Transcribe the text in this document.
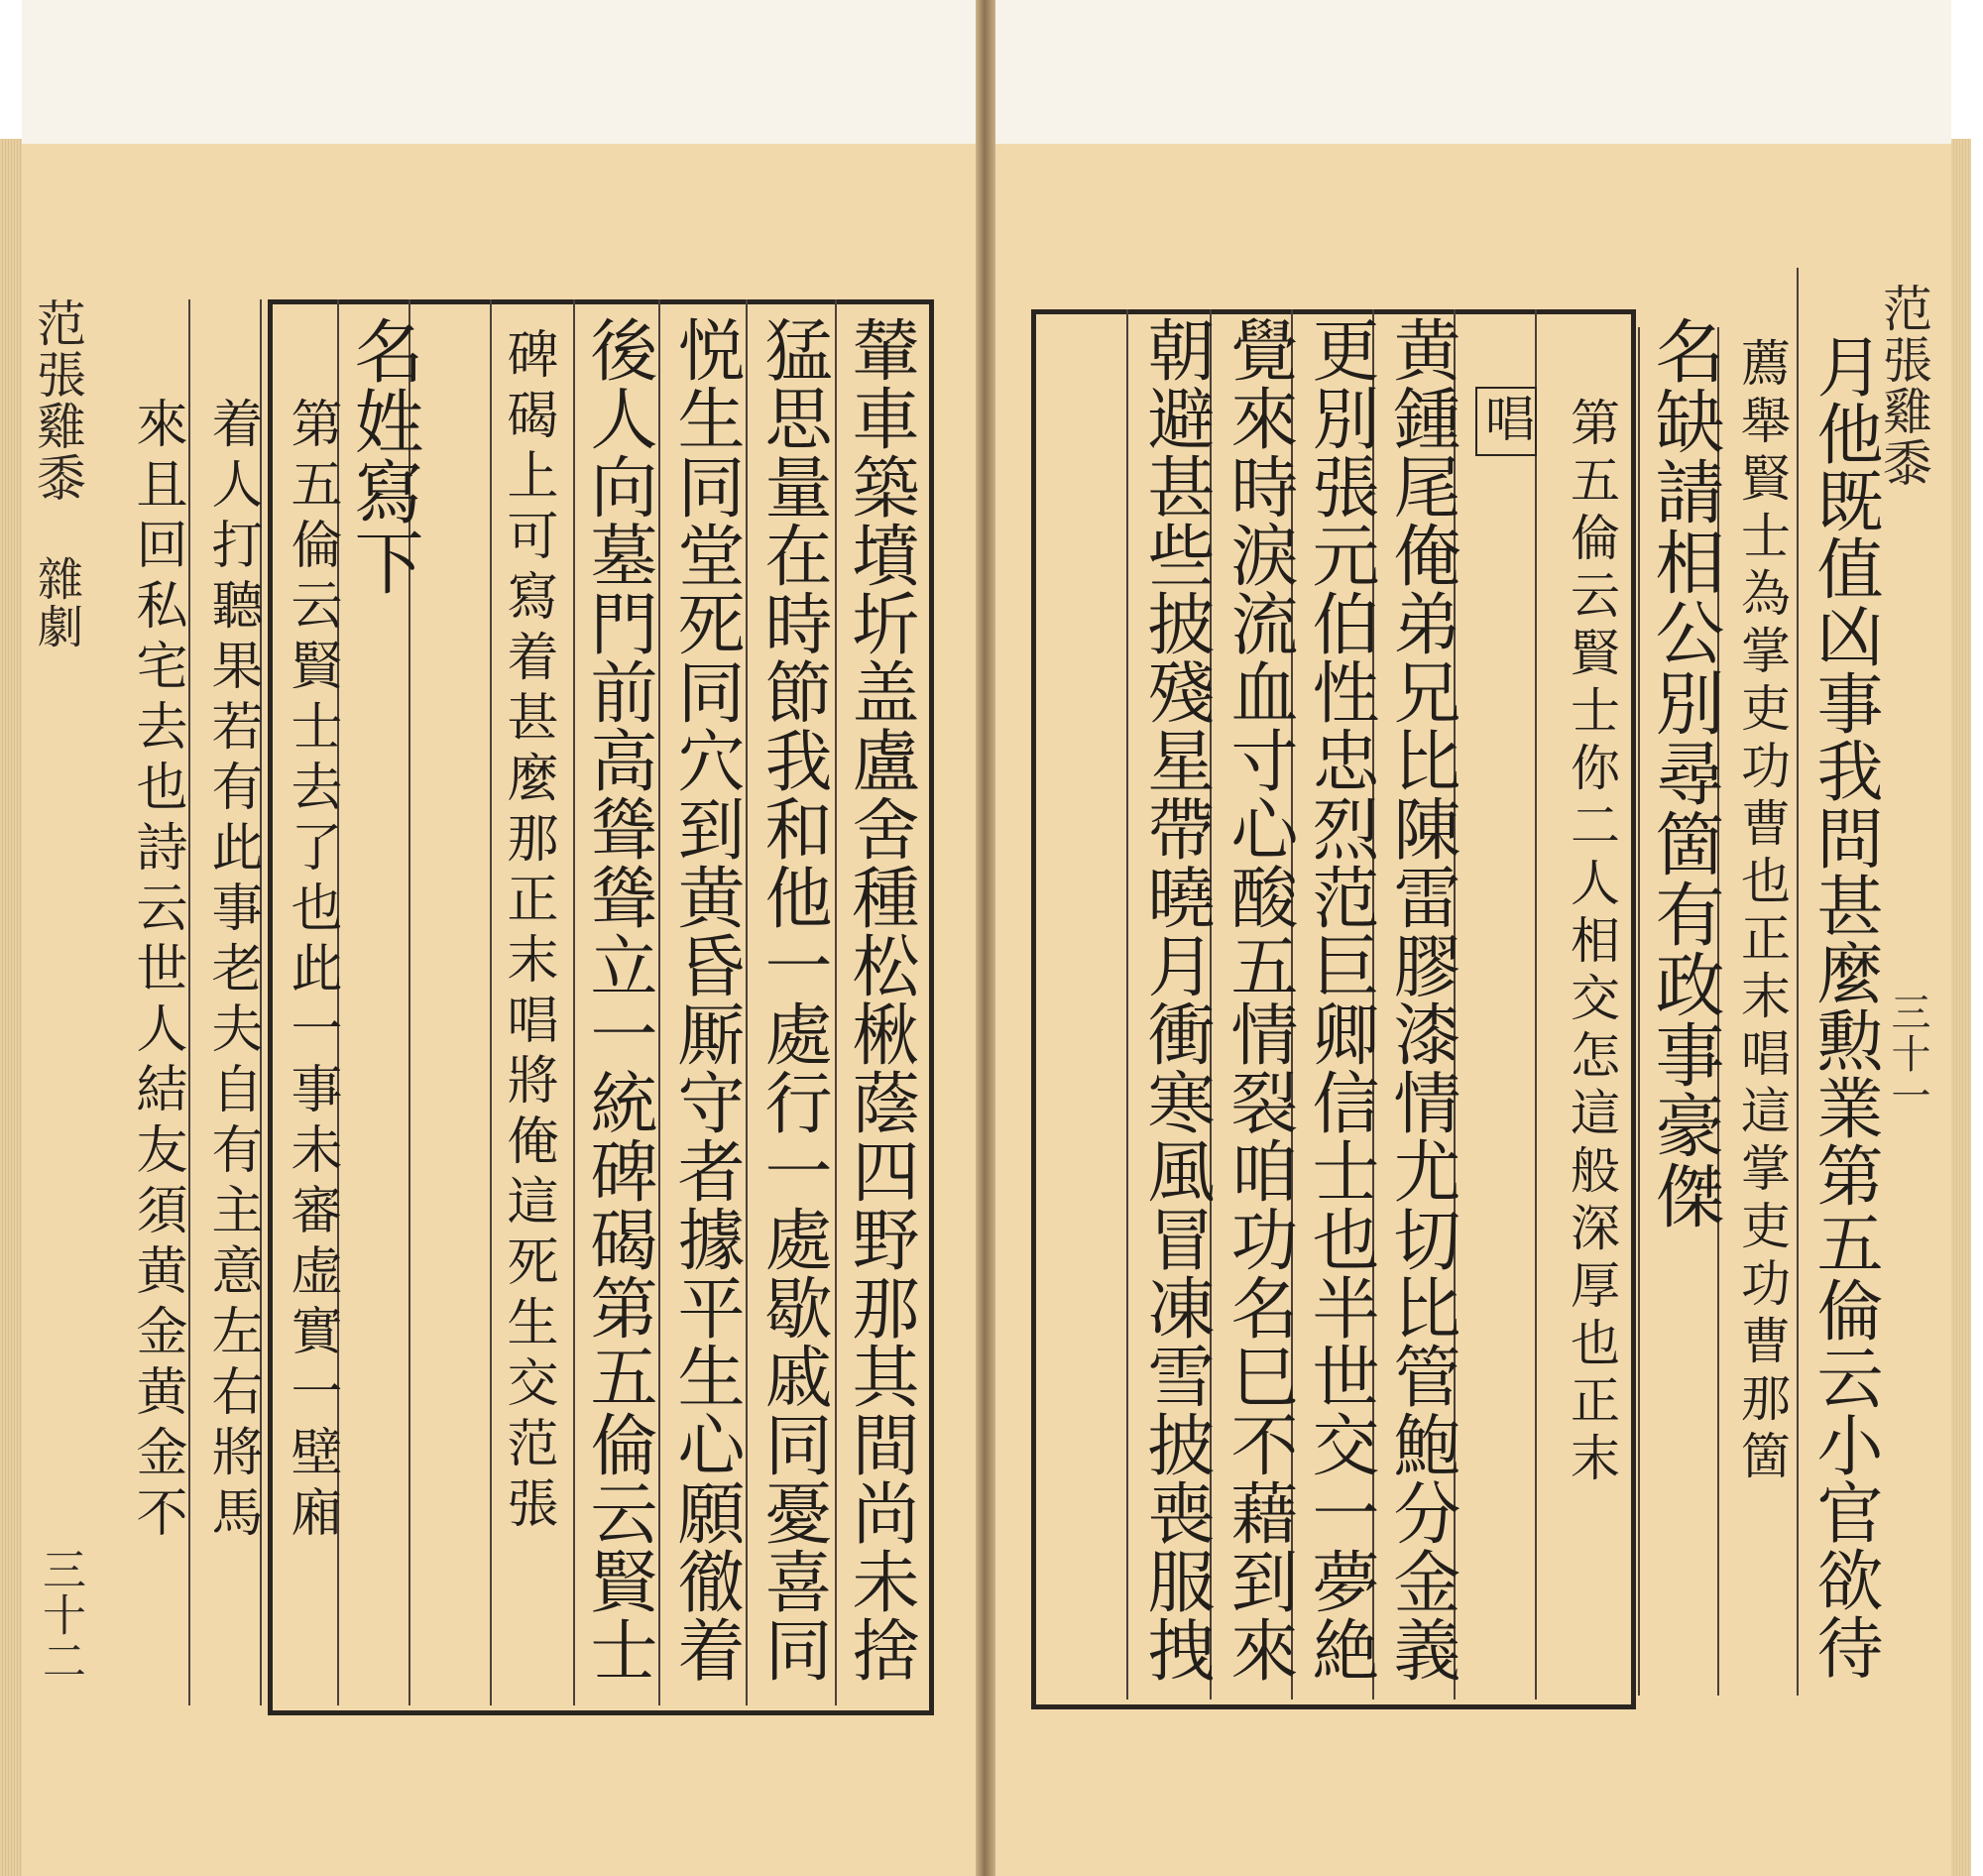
范張雞黍
雜劇
三十二	輦車築墳圻盖盧舍種松楸蔭四野那其間尚未捨
猛思量在時節我和他一處行一處歇戚同憂喜同
悦生同堂死同穴到黄昏厮守者據平生心願徹着
後人向墓門前高聳聳立一統碑碣第五倫云賢士
碑碣上可寫着甚麼那正末唱將俺這死生交范張
名姓寫下
第五倫云賢士去了也此一事未審虚實一壁廂
着人打聽果若有此事老夫自有主意左右將馬
來且回私宅去也詩云世人結友須黄金黄金不
范張雞黍
三十一
月他既值凶事我問甚麼勲業第五倫云小官欲待
薦舉賢士為掌吏功曹也正末唱這掌吏功曹那箇
名缺請相公別尋箇有政事豪傑
第五倫云賢士你二人相交怎這般深厚也正末
唱
黄鍾尾俺弟兄比陳雷膠漆情尤切比管鮑分金義
更別張元伯性忠烈范巨卿信士也半世交一夢絶
覺來時淚流血寸心酸五情裂咱功名巳不藉到來
朝避甚些披殘星帶曉月衝寒風冒凍雪披喪服拽
